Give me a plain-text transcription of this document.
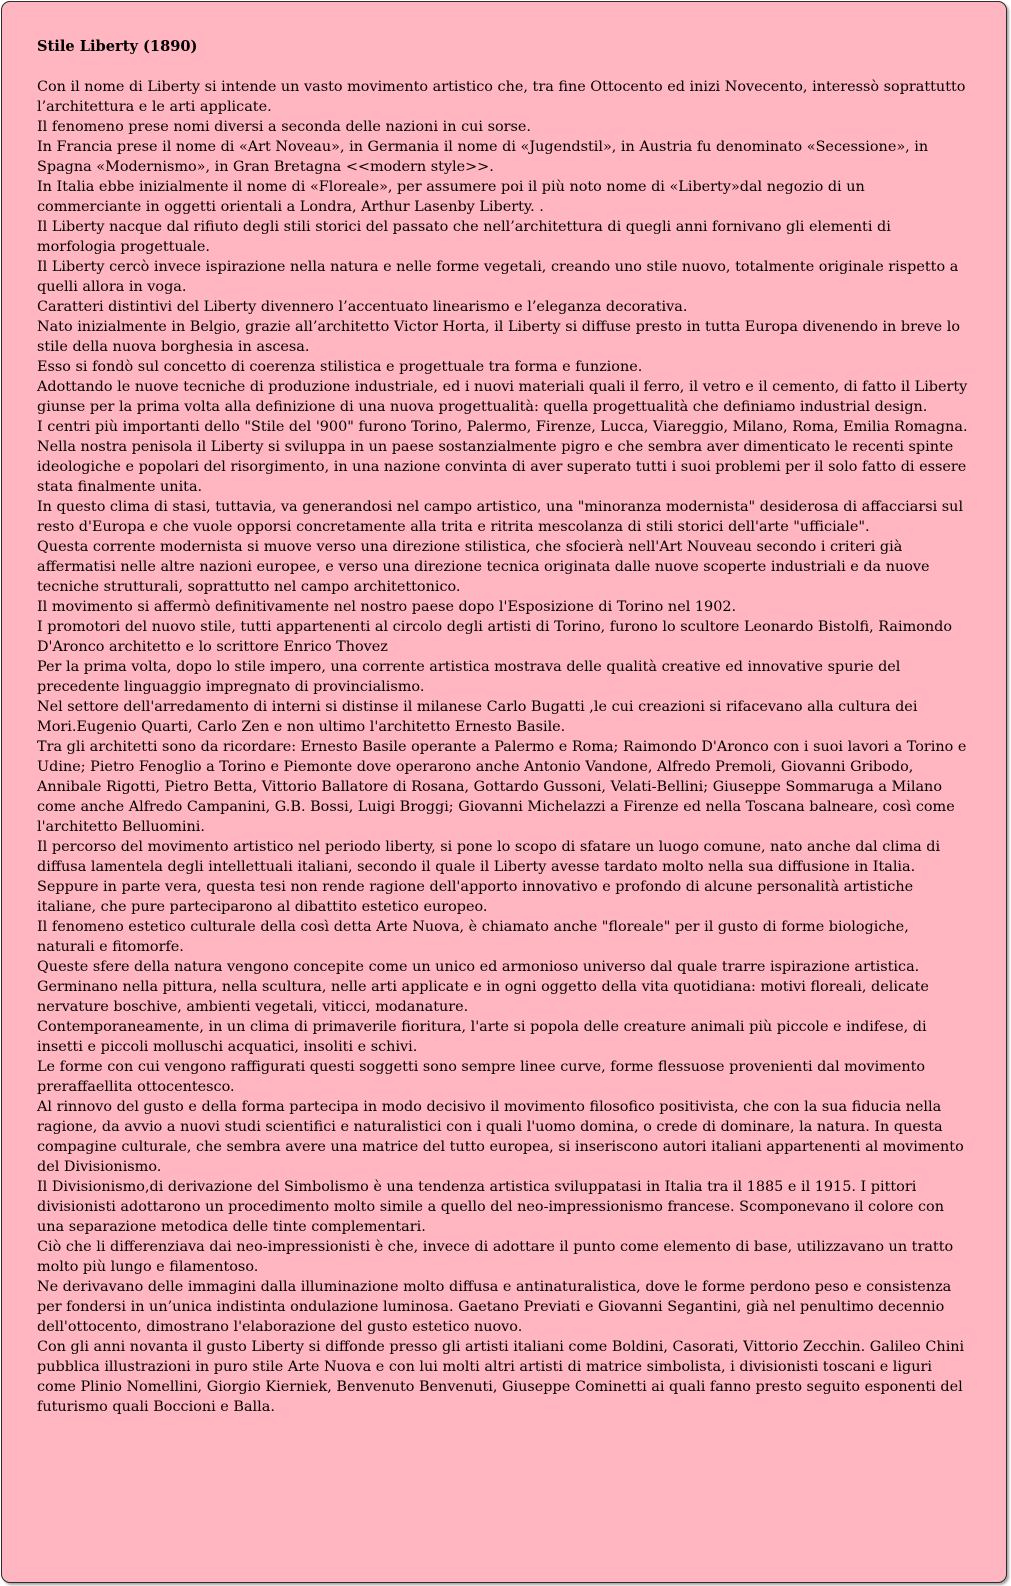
Stile Liberty (1890)

Con il nome di Liberty si intende un vasto movimento artistico che, tra fine Ottocento ed inizi Novecento, interessò soprattutto l’architettura e le arti applicate.

Il fenomeno prese nomi diversi a seconda delle nazioni in cui sorse.

In Francia prese il nome di «Art Noveau», in Germania il nome di «Jugendstil», in Austria fu denominato «Secessione», in Spagna «Modernismo», in Gran Bretagna <<modern style>>.

In Italia ebbe inizialmente il nome di «Floreale», per assumere poi il più noto nome di «Liberty»dal negozio di un commerciante in oggetti orientali a Londra, Arthur Lasenby Liberty. .

Il Liberty nacque dal rifiuto degli stili storici del passato che nell’architettura di quegli anni fornivano gli elementi di morfologia progettuale.

Il Liberty cercò invece ispirazione nella natura e nelle forme vegetali, creando uno stile nuovo, totalmente originale rispetto a quelli allora in voga.

Caratteri distintivi del Liberty divennero l’accentuato linearismo e l’eleganza decorativa.

Nato inizialmente in Belgio, grazie all’architetto Victor Horta, il Liberty si diffuse presto in tutta Europa divenendo in breve lo stile della nuova borghesia in ascesa.

Esso si fondò sul concetto di coerenza stilistica e progettuale tra forma e funzione.

Adottando le nuove tecniche di produzione industriale, ed i nuovi materiali quali il ferro, il vetro e il cemento, di fatto il Liberty giunse per la prima volta alla definizione di una nuova progettualità: quella progettualità che definiamo industrial design.

I centri più importanti dello "Stile del '900" furono Torino, Palermo, Firenze, Lucca, Viareggio, Milano, Roma, Emilia Romagna.

Nella nostra penisola il Liberty si sviluppa in un paese sostanzialmente pigro e che sembra aver dimenticato le recenti spinte ideologiche e popolari del risorgimento, in una nazione convinta di aver superato tutti i suoi problemi per il solo fatto di essere stata finalmente unita.

In questo clima di stasi, tuttavia, va generandosi nel campo artistico, una "minoranza modernista" desiderosa di affacciarsi sul resto d'Europa e che vuole opporsi concretamente alla trita e ritrita mescolanza di stili storici dell'arte "ufficiale".

Questa corrente modernista si muove verso una direzione stilistica, che sfocierà nell'Art Nouveau secondo i criteri già affermatisi nelle altre nazioni europee, e verso una direzione tecnica originata dalle nuove scoperte industriali e da nuove tecniche strutturali, soprattutto nel campo architettonico.

Il movimento si affermò definitivamente nel nostro paese dopo l'Esposizione di Torino nel 1902.

I promotori del nuovo stile, tutti appartenenti al circolo degli artisti di Torino, furono lo scultore Leonardo Bistolfi, Raimondo D'Aronco architetto e lo scrittore Enrico Thovez

Per la prima volta, dopo lo stile impero, una corrente artistica mostrava delle qualità creative ed innovative spurie del precedente linguaggio impregnato di provincialismo.

Nel settore dell'arredamento di interni si distinse il milanese Carlo Bugatti ,le cui creazioni si rifacevano alla cultura dei Mori.Eugenio Quarti, Carlo Zen e non ultimo l'architetto Ernesto Basile.

Tra gli architetti sono da ricordare: Ernesto Basile operante a Palermo e Roma; Raimondo D'Aronco con i suoi lavori a Torino e Udine; Pietro Fenoglio a Torino e Piemonte dove operarono anche Antonio Vandone, Alfredo Premoli, Giovanni Gribodo, Annibale Rigotti, Pietro Betta, Vittorio Ballatore di Rosana, Gottardo Gussoni, Velati-Bellini; Giuseppe Sommaruga a Milano come anche Alfredo Campanini, G.B. Bossi, Luigi Broggi; Giovanni Michelazzi a Firenze ed nella Toscana balneare, così come l'architetto Belluomini.

Il percorso del movimento artistico nel periodo liberty, si pone lo scopo di sfatare un luogo comune, nato anche dal clima di diffusa lamentela degli intellettuali italiani, secondo il quale il Liberty avesse tardato molto nella sua diffusione in Italia.

Seppure in parte vera, questa tesi non rende ragione dell'apporto innovativo e profondo di alcune personalità artistiche italiane, che pure parteciparono al dibattito estetico europeo.

Il fenomeno estetico culturale della così detta Arte Nuova, è chiamato anche "floreale" per il gusto di forme biologiche, naturali e fitomorfe.

Queste sfere della natura vengono concepite come un unico ed armonioso universo dal quale trarre ispirazione artistica.

Germinano nella pittura, nella scultura, nelle arti applicate e in ogni oggetto della vita quotidiana: motivi floreali, delicate nervature boschive, ambienti vegetali, viticci, modanature.

Contemporaneamente, in un clima di primaverile fioritura, l'arte si popola delle creature animali più piccole e indifese, di insetti e piccoli molluschi acquatici, insoliti e schivi.

Le forme con cui vengono raffigurati questi soggetti sono sempre linee curve, forme flessuose provenienti dal movimento preraffaellita ottocentesco.

Al rinnovo del gusto e della forma partecipa in modo decisivo il movimento filosofico positivista, che con la sua fiducia nella ragione, da avvio a nuovi studi scientifici e naturalistici con i quali l'uomo domina, o crede di dominare, la natura. In questa compagine culturale, che sembra avere una matrice del tutto europea, si inseriscono autori italiani appartenenti al movimento del Divisionismo.

Il Divisionismo,di derivazione del Simbolismo è una tendenza artistica sviluppatasi in Italia tra il 1885 e il 1915. I pittori divisionisti adottarono un procedimento molto simile a quello del neo-impressionismo francese. Scomponevano il colore con una separazione metodica delle tinte complementari.

Ciò che li differenziava dai neo-impressionisti è che, invece di adottare il punto come elemento di base, utilizzavano un tratto molto più lungo e filamentoso.

Ne derivavano delle immagini dalla illuminazione molto diffusa e antinaturalistica, dove le forme perdono peso e consistenza per fondersi in un’unica indistinta ondulazione luminosa. Gaetano Previati e Giovanni Segantini, già nel penultimo decennio dell'ottocento, dimostrano l'elaborazione del gusto estetico nuovo.

Con gli anni novanta il gusto Liberty si diffonde presso gli artisti italiani come Boldini, Casorati, Vittorio Zecchin. Galileo Chini pubblica illustrazioni in puro stile Arte Nuova e con lui molti altri artisti di matrice simbolista, i divisionisti toscani e liguri come Plinio Nomellini, Giorgio Kierniek, Benvenuto Benvenuti, Giuseppe Cominetti ai quali fanno presto seguito esponenti del futurismo quali Boccioni e Balla.
